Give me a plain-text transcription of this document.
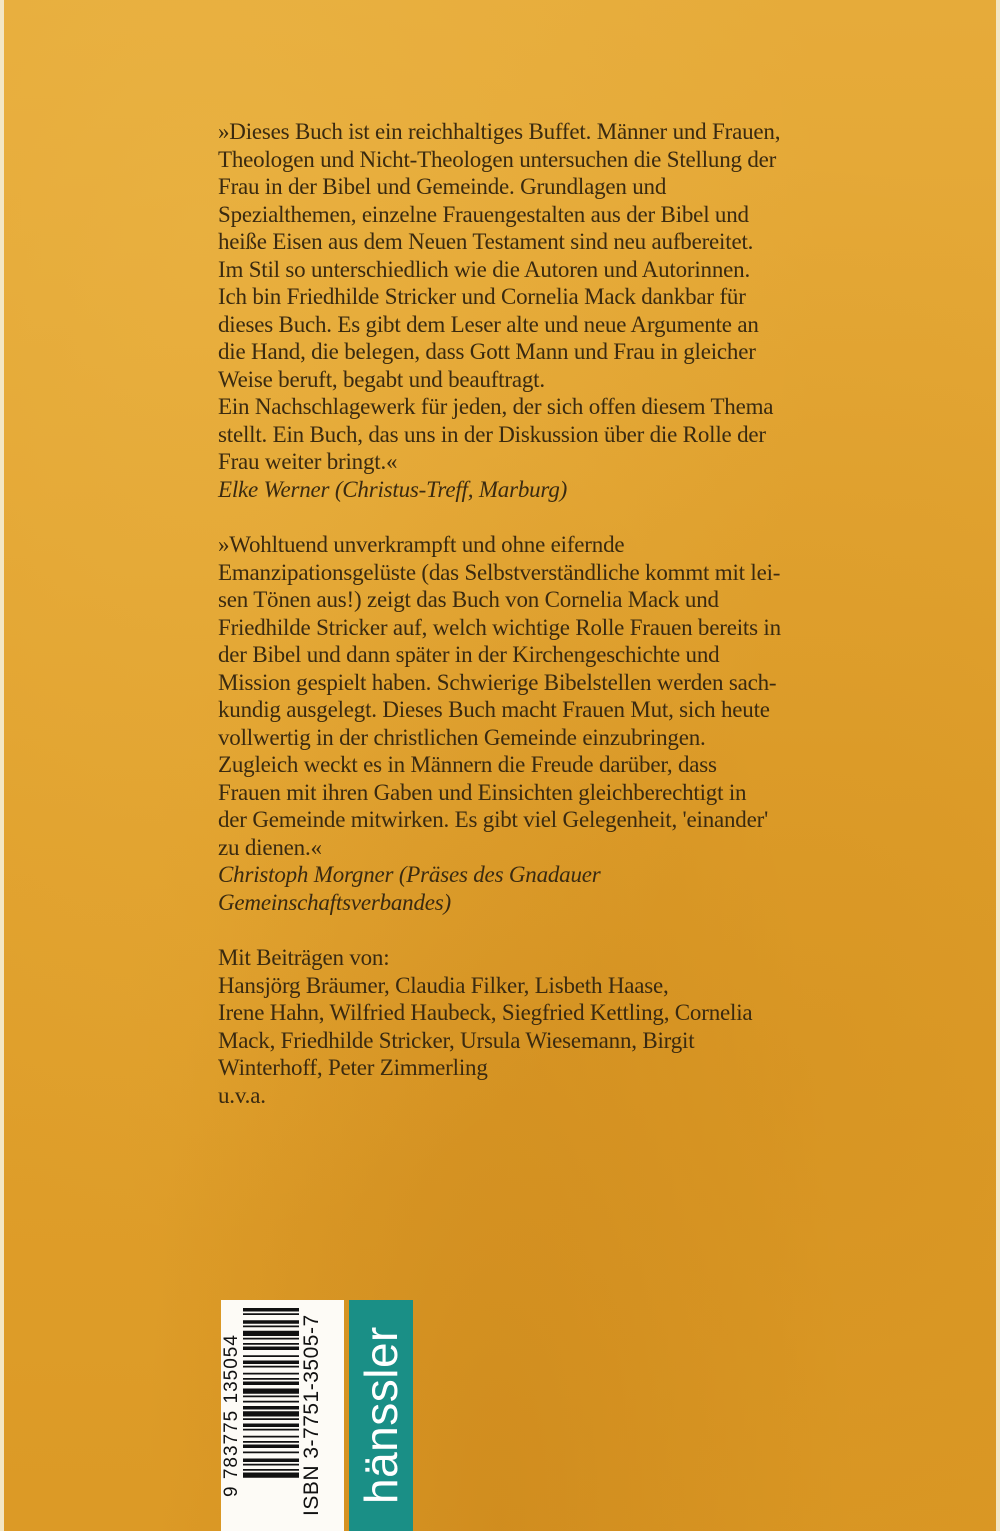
»Dieses Buch ist ein reichhaltiges Buffet. Männer und Frauen,

Theologen und Nicht-Theologen untersuchen die Stellung der

Frau in der Bibel und Gemeinde. Grundlagen und

Spezialthemen, einzelne Frauengestalten aus der Bibel und

heiße Eisen aus dem Neuen Testament sind neu aufbereitet.

Im Stil so unterschiedlich wie die Autoren und Autorinnen.

Ich bin Friedhilde Stricker und Cornelia Mack dankbar für

dieses Buch. Es gibt dem Leser alte und neue Argumente an

die Hand, die belegen, dass Gott Mann und Frau in gleicher

Weise beruft, begabt und beauftragt.

Ein Nachschlagewerk für jeden, der sich offen diesem Thema

stellt. Ein Buch, das uns in der Diskussion über die Rolle der

Frau weiter bringt.«

Elke Werner (Christus-Treff, Marburg)

»Wohltuend unverkrampft und ohne eifernde

Emanzipationsgelüste (das Selbstverständliche kommt mit lei-

sen Tönen aus!) zeigt das Buch von Cornelia Mack und

Friedhilde Stricker auf, welch wichtige Rolle Frauen bereits in

der Bibel und dann später in der Kirchengeschichte und

Mission gespielt haben. Schwierige Bibelstellen werden sach-

kundig ausgelegt. Dieses Buch macht Frauen Mut, sich heute

vollwertig in der christlichen Gemeinde einzubringen.

Zugleich weckt es in Männern die Freude darüber, dass

Frauen mit ihren Gaben und Einsichten gleichberechtigt in

der Gemeinde mitwirken. Es gibt viel Gelegenheit, 'einander'

zu dienen.«

Christoph Morgner (Präses des Gnadauer

Gemeinschaftsverbandes)

Mit Beiträgen von:

Hansjörg Bräumer, Claudia Filker, Lisbeth Haase,

Irene Hahn, Wilfried Haubeck, Siegfried Kettling, Cornelia

Mack, Friedhilde Stricker, Ursula Wiesemann, Birgit

Winterhoff, Peter Zimmerling

u.v.a.

9 783775 135054	ISBN 3-7751-3505-7 hänssler
